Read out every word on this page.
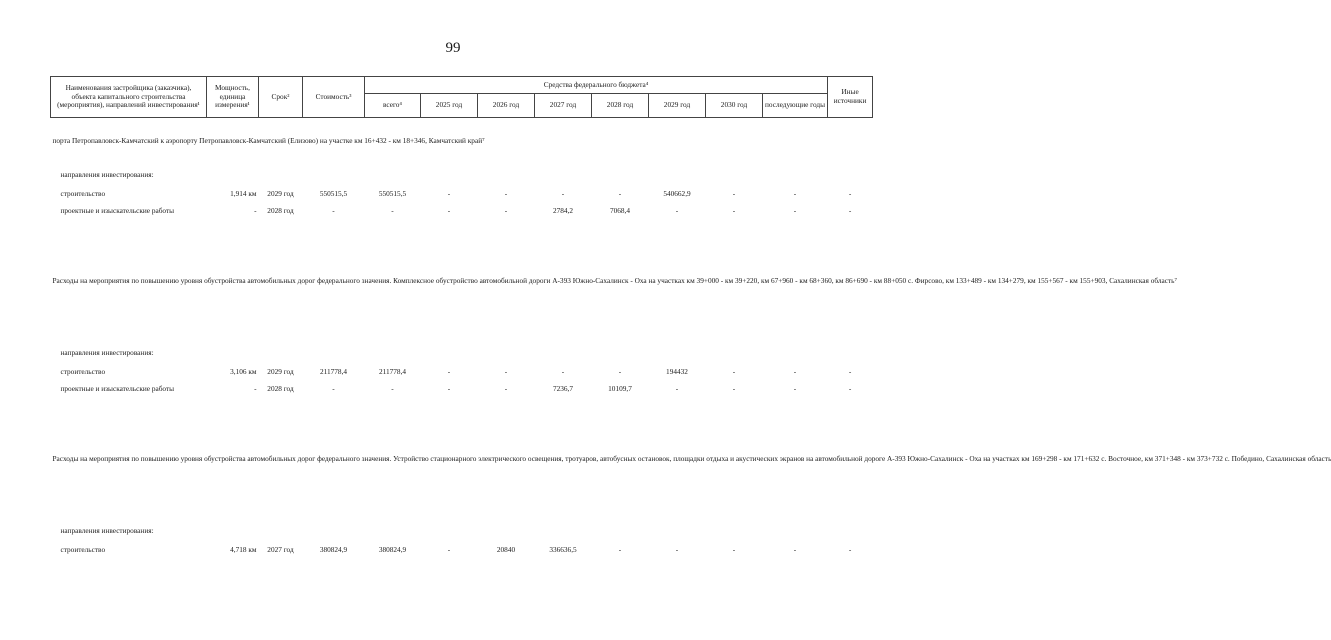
99
Наименования застройщика (заказчика), объекта капитального строительства (мероприятия), направлений инвестирования¹	Мощность, единица измерения¹	Срок²	Стоимость³	Средства федерального бюджета⁴								Иные источники
				всего⁴	2025 год	2026 год	2027 год	2028 год	2029 год	2030 год	последующие годы	
порта Петропавловск-Камчатский к аэропорту Петропавловск-Камчатский (Елизово) на участке км 16+432 - км 18+346, Камчатский край⁷												
направления инвестирования:												
строительство	1,914 км	2029 год	550515,5	550515,5	-	-	-	-	540662,9	-	-	-
проектные и изыскательские работы	-	2028 год	-	-	-	-	2784,2	7068,4	-	-	-	-
Расходы на мероприятия по повышению уровня обустройства автомобильных дорог федерального значения. Комплексное обустройство автомобильной дороги А-393 Южно-Сахалинск - Оха на участках км 39+000 - км 39+220, км 67+960 - км 68+360, км 86+690 - км 88+050 с. Фирсово, км 133+489 - км 134+279, км 155+567 - км 155+903, Сахалинская область⁷												
направления инвестирования:												
строительство	3,106 км	2029 год	211778,4	211778,4	-	-	-	-	194432	-	-	-
проектные и изыскательские работы	-	2028 год	-	-	-	-	7236,7	10109,7	-	-	-	-
Расходы на мероприятия по повышению уровня обустройства автомобильных дорог федерального значения. Устройство стационарного электрического освещения, тротуаров, автобусных остановок, площадки отдыха и акустических экранов на автомобильной дороге А-393 Южно-Сахалинск - Оха на участках км 169+298 - км 171+632 с. Восточное, км 371+348 - км 373+732 с. Победино, Сахалинская область												
направления инвестирования:												
строительство	4,718 км	2027 год	380824,9	380824,9	-	20840	336636,5	-	-	-	-	-
